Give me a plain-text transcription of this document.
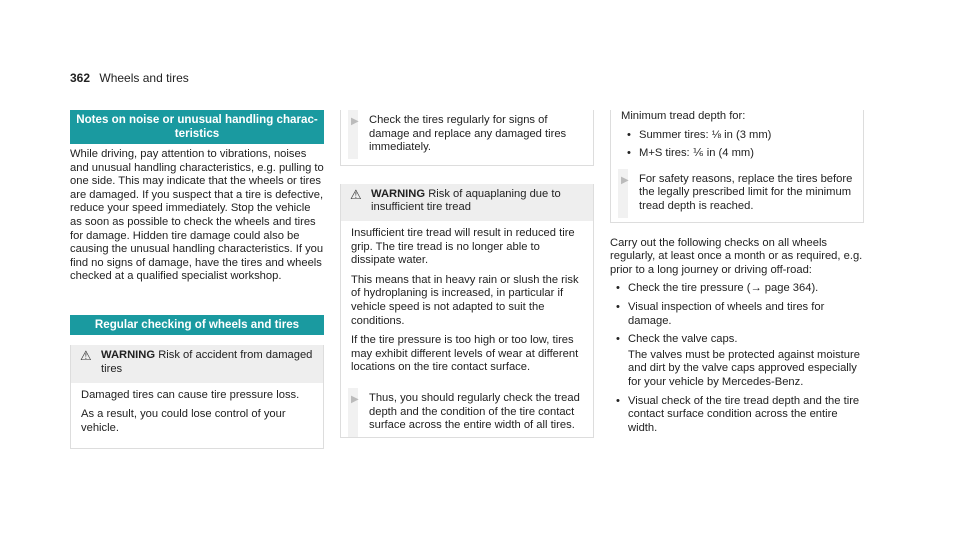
362 Wheels and tires
Notes on noise or unusual handling charac-teristics

While driving, pay attention to vibrations, noises and unusual handling characteristics, e.g. pulling to one side. This may indicate that the wheels or tires are damaged. If you suspect that a tire is defective, reduce your speed immediately. Stop the vehicle as soon as possible to check the wheels and tires for damage. Hidden tire damage could also be causing the unusual handling characteristics. If you find no signs of damage, have the tires and wheels checked at a qualified specialist workshop.

Regular checking of wheels and tires
⚠ WARNING Risk of accident from damaged tires

Damaged tires can cause tire pressure loss.

As a result, you could lose control of your vehicle.

▶ Check the tires regularly for signs of damage and replace any damaged tires immediately.
⚠ WARNING Risk of aquaplaning due to insufficient tire tread

Insufficient tire tread will result in reduced tire grip. The tire tread is no longer able to dissipate water.

This means that in heavy rain or slush the risk of hydroplaning is increased, in particular if vehicle speed is not adapted to suit the conditions.

If the tire pressure is too high or too low, tires may exhibit different levels of wear at different locations on the tire contact surface.

▶ Thus, you should regularly check the tread depth and the condition of the tire contact surface across the entire width of all tires.

Minimum tread depth for:

• Summer tires: ⅛ in (3 mm)
• M+S tires: ⅙ in (4 mm)
▶ For safety reasons, replace the tires before the legally prescribed limit for the minimum tread depth is reached.

Carry out the following checks on all wheels regularly, at least once a month or as required, e.g. prior to a long journey or driving off-road:

• Check the tire pressure (→ page 364).
• Visual inspection of wheels and tires for damage.
• Check the valve caps.
The valves must be protected against moisture and dirt by the valve caps approved especially for your vehicle by Mercedes-Benz.
• Visual check of the tire tread depth and the tire contact surface condition across the entire width.
